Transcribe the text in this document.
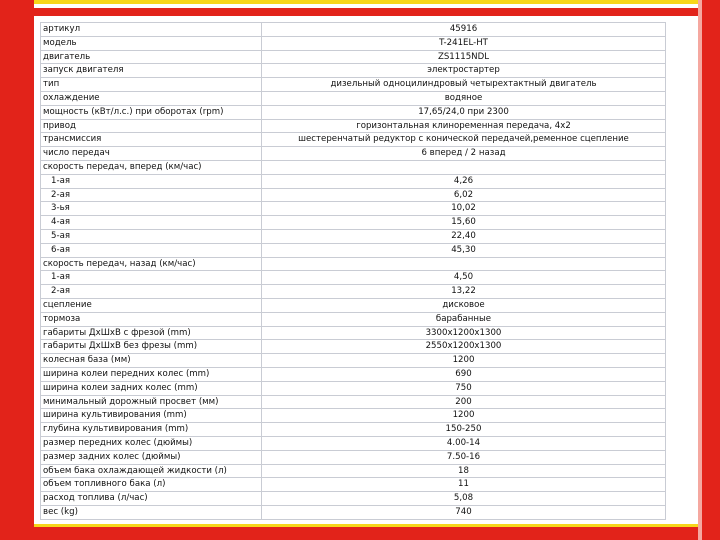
артикул	45916
модель	T-241EL-HT
двигатель	ZS1115NDL
запуск двигателя	электростартер
тип	дизельный одноцилиндровый четырехтактный двигатель
охлаждение	водяное
мощность (кВт/л.с.) при оборотах (rpm)	17,65/24,0 при 2300
привод	горизонтальная клиноременная передача, 4х2
трансмиссия	шестеренчатый редуктор с конической передачей,ременное сцепление
число передач	6 вперед / 2 назад
скорость передач, вперед (км/час)	
1-ая	4,26
2-ая	6,02
3-ья	10,02
4-ая	15,60
5-ая	22,40
6-ая	45,30
скорость передач, назад (км/час)	
1-ая	4,50
2-ая	13,22
сцепление	дисковое
тормоза	барабанные
габариты ДхШхВ с фрезой (mm)	3300х1200х1300
габариты ДхШхВ без фрезы (mm)	2550х1200х1300
колесная база (мм)	1200
ширина колеи передних колес (mm)	690
ширина колеи задних колес (mm)	750
минимальный дорожный просвет (мм)	200
ширина культивирования (mm)	1200
глубина культивирования (mm)	150-250
размер передних колес (дюймы)	4.00-14
размер задних колес (дюймы)	7.50-16
объем бака охлаждающей жидкости (л)	18
объем топливного бака (л)	11
расход топлива (л/час)	5,08
вес (kg)	740
